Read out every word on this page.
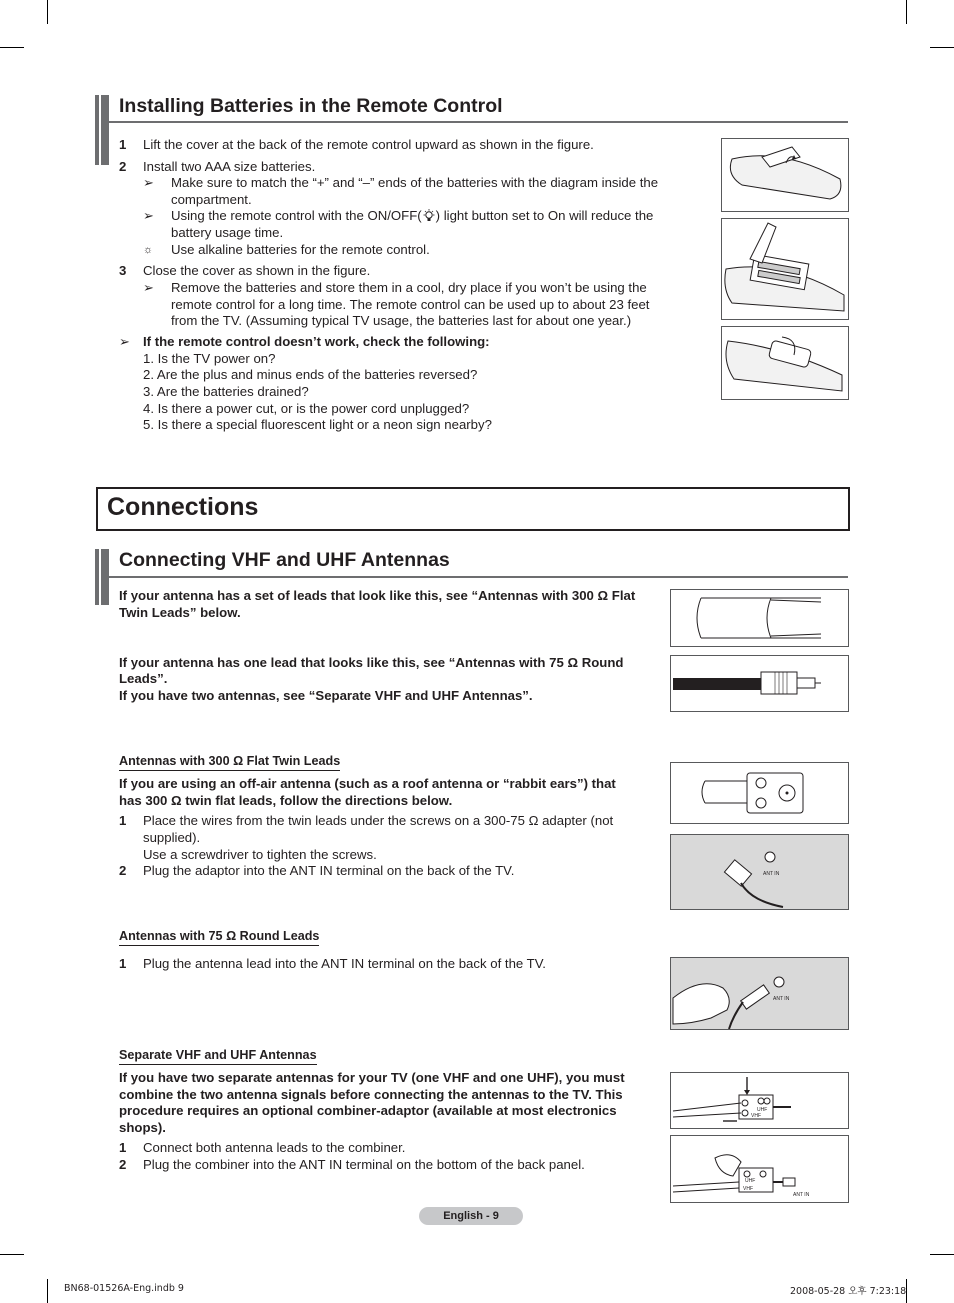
Installing Batteries in the Remote Control
1 Lift the cover at the back of the remote control upward as shown in the figure.
2 Install two AAA size batteries.
➢ Make sure to match the “+” and “–” ends of the batteries with the diagram inside the
compartment.
➢ Using the remote control with the ON/OFF( ) light button set to On will reduce the
battery usage time.
☼ Use alkaline batteries for the remote control.
3 Close the cover as shown in the figure.
➢ Remove the batteries and store them in a cool, dry place if you won’t be using the
remote control for a long time. The remote control can be used up to about 23 feet
from the TV. (Assuming typical TV usage, the batteries last for about one year.)
➢ If the remote control doesn’t work, check the following:
1. Is the TV power on?
2. Are the plus and minus ends of the batteries reversed?
3. Are the batteries drained?
4. Is there a power cut, or is the power cord unplugged?
5. Is there a special fluorescent light or a neon sign nearby?
Connections
Connecting VHF and UHF Antennas
If your antenna has a set of leads that look like this, see “Antennas with 300 Ω Flat
Twin Leads” below.
If your antenna has one lead that looks like this, see “Antennas with 75 Ω Round
Leads”.
If you have two antennas, see “Separate VHF and UHF Antennas”.
Antennas with 300 Ω Flat Twin Leads
If you are using an off-air antenna (such as a roof antenna or “rabbit ears”) that
has 300 Ω twin flat leads, follow the directions below.
1 Place the wires from the twin leads under the screws on a 300-75 Ω adapter (not
supplied).
Use a screwdriver to tighten the screws.
2 Plug the adaptor into the ANT IN terminal on the back of the TV.	ANT IN
Antennas with 75 Ω Round Leads
1 Plug the antenna lead into the ANT IN terminal on the back of the TV.
ANT IN
Separate VHF and UHF Antennas
If you have two separate antennas for your TV (one VHF and one UHF), you must
combine the two antenna signals before connecting the antennas to the TV. This
procedure requires an optional combiner-adaptor (available at most electronics
shops).
1 Connect both antenna leads to the combiner.
2 Plug the combiner into the ANT IN terminal on the bottom of the back panel.
UHF
VHF
UHF
VHF
ANT IN
English - 9
BN68-01526A-Eng.indb 9	2008-05-28 오후 7:23:18
